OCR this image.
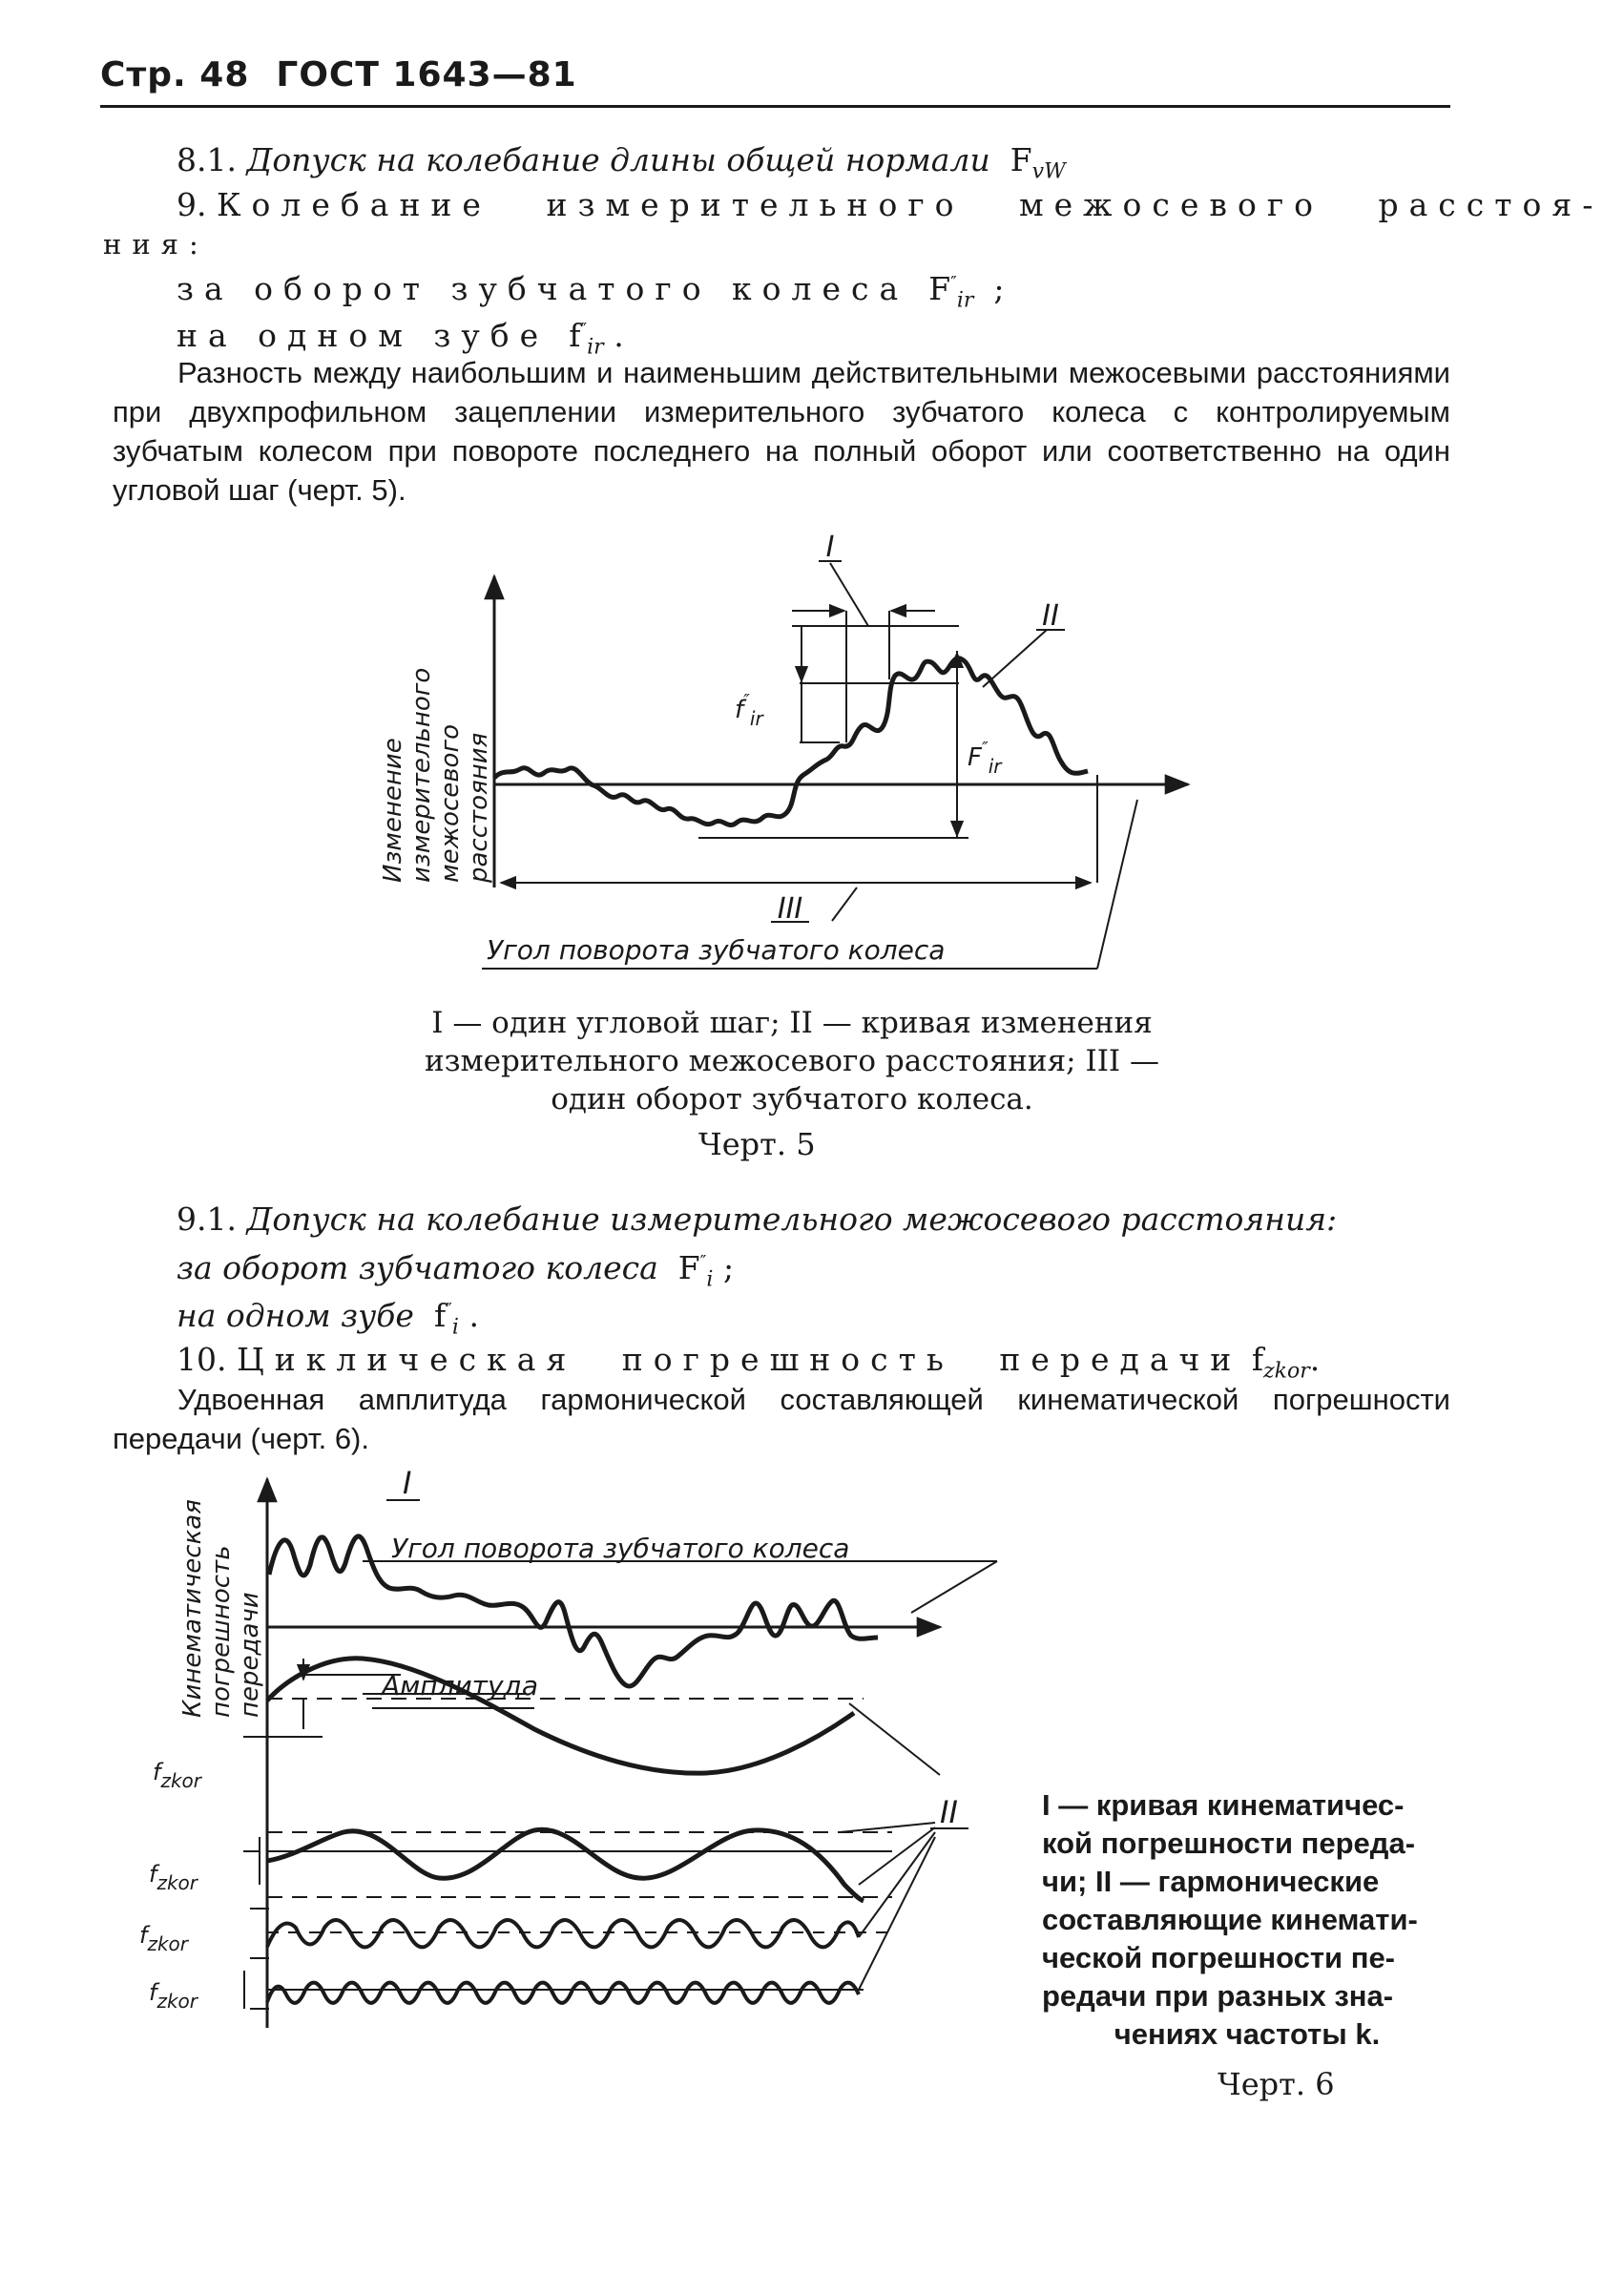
Стр. 48 ГОСТ 1643—81
8.1. Допуск на колебание длины общей нормали $F_{vW}$
9. Колебание измерительного межосевого расстоя-
ния:
за оборот зубчатого колеса $F''_{ir}$ ;
на одном зубе $f''_{ir}$ .
Разность между наибольшим и наименьшим действительными межосевыми расстояниями при двухпрофильном зацеплении измерительного зубчатого колеса с контролируемым зубчатым колесом при повороте последнего на полный оборот или соответственно на один угловой шаг (черт. 5).
I
II
III
$f''_{ir}$
$F''_{ir}$
Угол поворота зубчатого колеса
Изменение измерительного межосевого расстояния
I — один угловой шаг; II — кривая изменения
измерительного межосевого расстояния; III —
один оборот зубчатого колеса.
Черт. 5
9.1. Допуск на колебание измерительного межосевого расстояния:
за оборот зубчатого колеса $F''_i$ ;
на одном зубе $f''_i$ .
10. Циклическая погрешность передачи $f_{zkor}$.
Удвоенная амплитуда гармонической составляющей кинематической погрешности передачи (черт. 6).
I
II
Угол поворота зубчатого колеса
Амплитуда
$f_{zkor}$
$f_{zkor}$
$f_{zkor}$
$f_{zkor}$
Кинематическая погрешность передачи
I — кривая кинематичес-
кой погрешности переда-
чи; II — гармонические
составляющие кинемати-
ческой погрешности пе-
редачи при разных зна-
чениях частоты k.
Черт. 6
